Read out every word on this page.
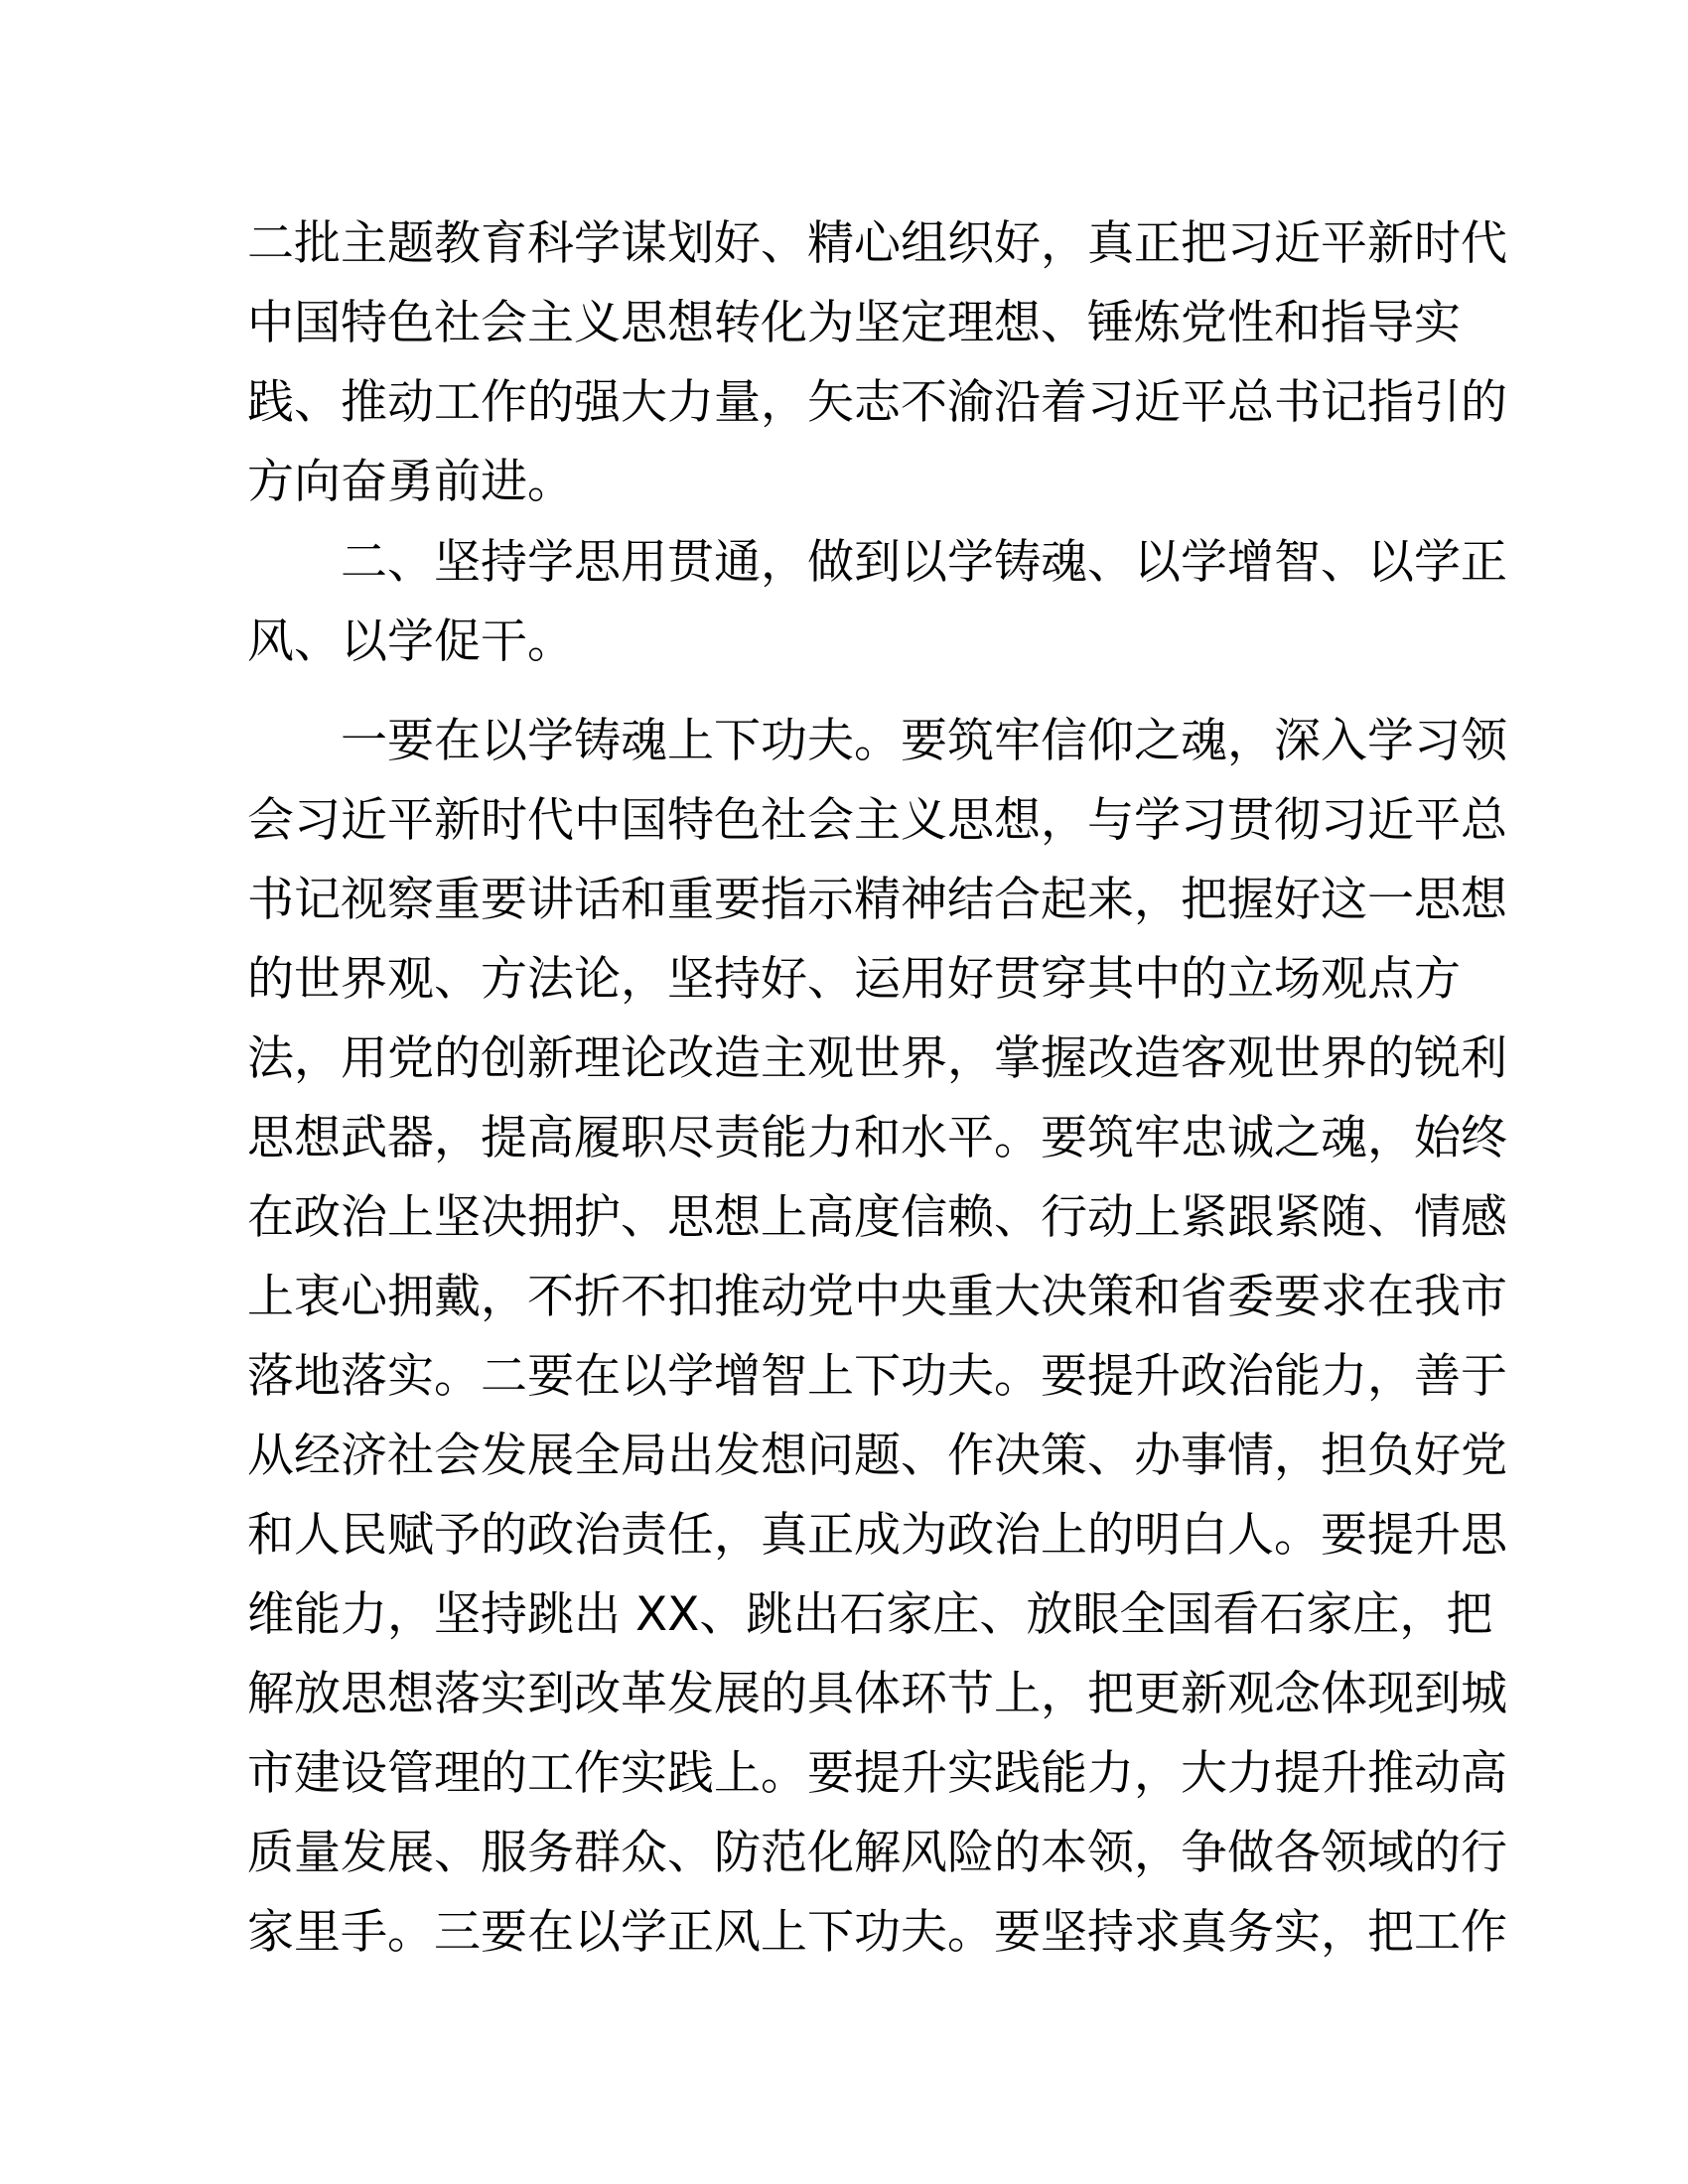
二批主题教育科学谋划好、精心组织好，真正把习近平新时代
中国特色社会主义思想转化为坚定理想、锤炼党性和指导实
践、推动工作的强大力量，矢志不渝沿着习近平总书记指引的
方向奋勇前进。
二、坚持学思用贯通，做到以学铸魂、以学增智、以学正
风、以学促干。
一要在以学铸魂上下功夫。要筑牢信仰之魂，深入学习领
会习近平新时代中国特色社会主义思想，与学习贯彻习近平总
书记视察重要讲话和重要指示精神结合起来，把握好这一思想
的世界观、方法论，坚持好、运用好贯穿其中的立场观点方
法，用党的创新理论改造主观世界，掌握改造客观世界的锐利
思想武器，提高履职尽责能力和水平。要筑牢忠诚之魂，始终
在政治上坚决拥护、思想上高度信赖、行动上紧跟紧随、情感
上衷心拥戴，不折不扣推动党中央重大决策和省委要求在我市
落地落实。二要在以学增智上下功夫。要提升政治能力，善于
从经济社会发展全局出发想问题、作决策、办事情，担负好党
和人民赋予的政治责任，真正成为政治上的明白人。要提升思
维能力，坚持跳出 XX、跳出石家庄、放眼全国看石家庄，把
解放思想落实到改革发展的具体环节上，把更新观念体现到城
市建设管理的工作实践上。要提升实践能力，大力提升推动高
质量发展、服务群众、防范化解风险的本领，争做各领域的行
家里手。三要在以学正风上下功夫。要坚持求真务实，把工作
